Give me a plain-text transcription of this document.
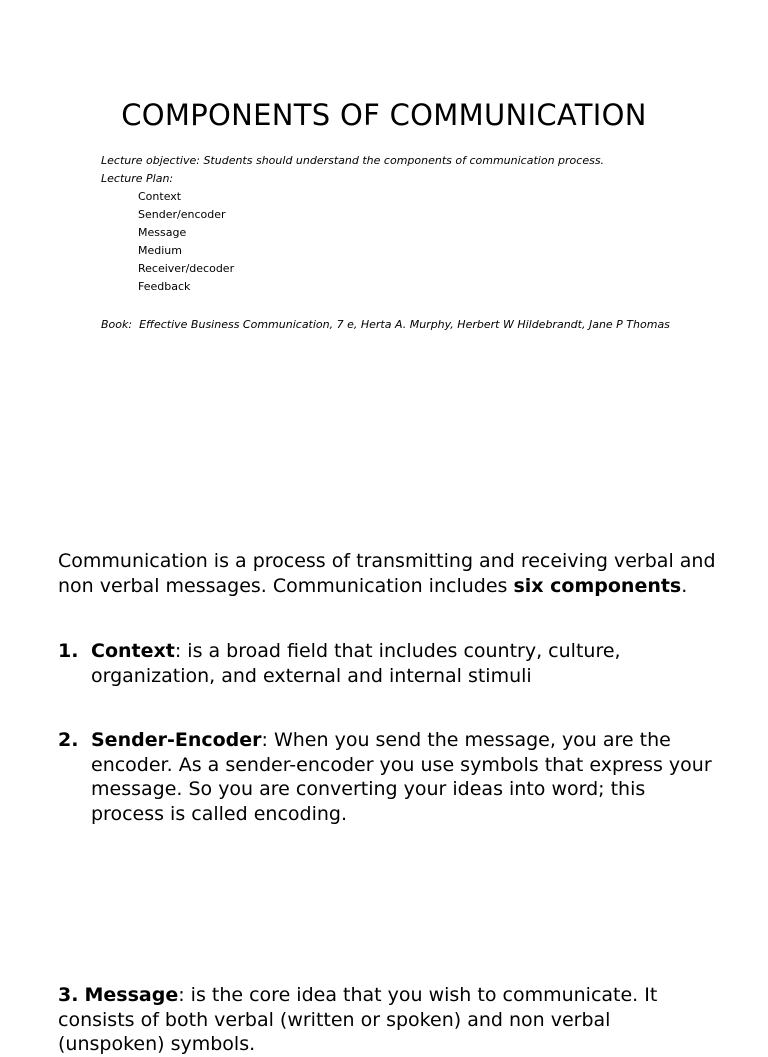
COMPONENTS OF COMMUNICATION
Lecture objective: Students should understand the components of communication process.
Lecture Plan:
Context
Sender/encoder
Message
Medium
Receiver/decoder
Feedback
Book:  Effective Business Communication, 7 e, Herta A. Murphy, Herbert W Hildebrandt, Jane P Thomas

Communication is a process of transmitting and receiving verbal and non verbal messages. Communication includes six components.

1. Context: is a broad field that includes country, culture, organization, and external and internal stimuli
2. Sender-Encoder: When you send the message, you are the encoder. As a sender-encoder you use symbols that express your message. So you are converting your ideas into word; this process is called encoding.
3. Message: is the core idea that you wish to communicate. It consists of both verbal (written or spoken) and non verbal (unspoken) symbols.
